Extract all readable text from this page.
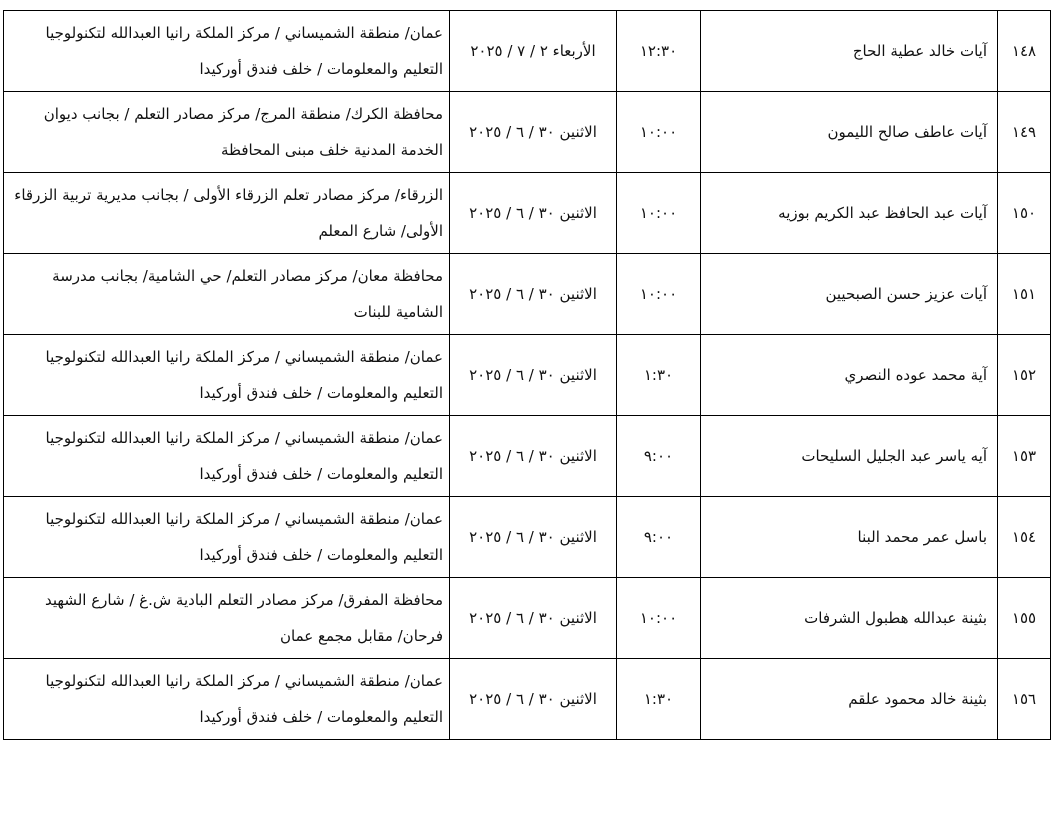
١٤٨	آيات خالد عطية الحاج	١٢:٣٠	الأربعاء ٢ / ٧ / ٢٠٢٥	عمان/ منطقة الشميساني / مركز الملكة رانيا العبدالله لتكنولوجيا
التعليم والمعلومات / خلف فندق أوركيدا

١٤٩	آيات عاطف صالح الليمون	١٠:٠٠	الاثنين ٣٠ / ٦ / ٢٠٢٥	محافظة الكرك/ منطقة المرج/ مركز مصادر التعلم / بجانب ديوان
الخدمة المدنية خلف مبنى المحافظة

١٥٠	آيات عبد الحافظ عبد الكريم بوزيه	١٠:٠٠	الاثنين ٣٠ / ٦ / ٢٠٢٥	الزرقاء/ مركز مصادر تعلم الزرقاء الأولى / بجانب مديرية تربية الزرقاء
الأولى/ شارع المعلم

١٥١	آيات عزيز حسن الصبحيين	١٠:٠٠	الاثنين ٣٠ / ٦ / ٢٠٢٥	محافظة معان/ مركز مصادر التعلم/ حي الشامية/ بجانب مدرسة
الشامية للبنات

١٥٢	آية محمد عوده النصري	١:٣٠	الاثنين ٣٠ / ٦ / ٢٠٢٥	عمان/ منطقة الشميساني / مركز الملكة رانيا العبدالله لتكنولوجيا
التعليم والمعلومات / خلف فندق أوركيدا

١٥٣	آيه ياسر عبد الجليل السليحات	٩:٠٠	الاثنين ٣٠ / ٦ / ٢٠٢٥	عمان/ منطقة الشميساني / مركز الملكة رانيا العبدالله لتكنولوجيا
التعليم والمعلومات / خلف فندق أوركيدا

١٥٤	باسل عمر محمد البنا	٩:٠٠	الاثنين ٣٠ / ٦ / ٢٠٢٥	عمان/ منطقة الشميساني / مركز الملكة رانيا العبدالله لتكنولوجيا
التعليم والمعلومات / خلف فندق أوركيدا

١٥٥	بثينة عبدالله هطبول الشرفات	١٠:٠٠	الاثنين ٣٠ / ٦ / ٢٠٢٥	محافظة المفرق/ مركز مصادر التعلم البادية ش.غ / شارع الشهيد
فرحان/ مقابل مجمع عمان

١٥٦	بثينة خالد محمود علقم	١:٣٠	الاثنين ٣٠ / ٦ / ٢٠٢٥	عمان/ منطقة الشميساني / مركز الملكة رانيا العبدالله لتكنولوجيا
التعليم والمعلومات / خلف فندق أوركيدا
